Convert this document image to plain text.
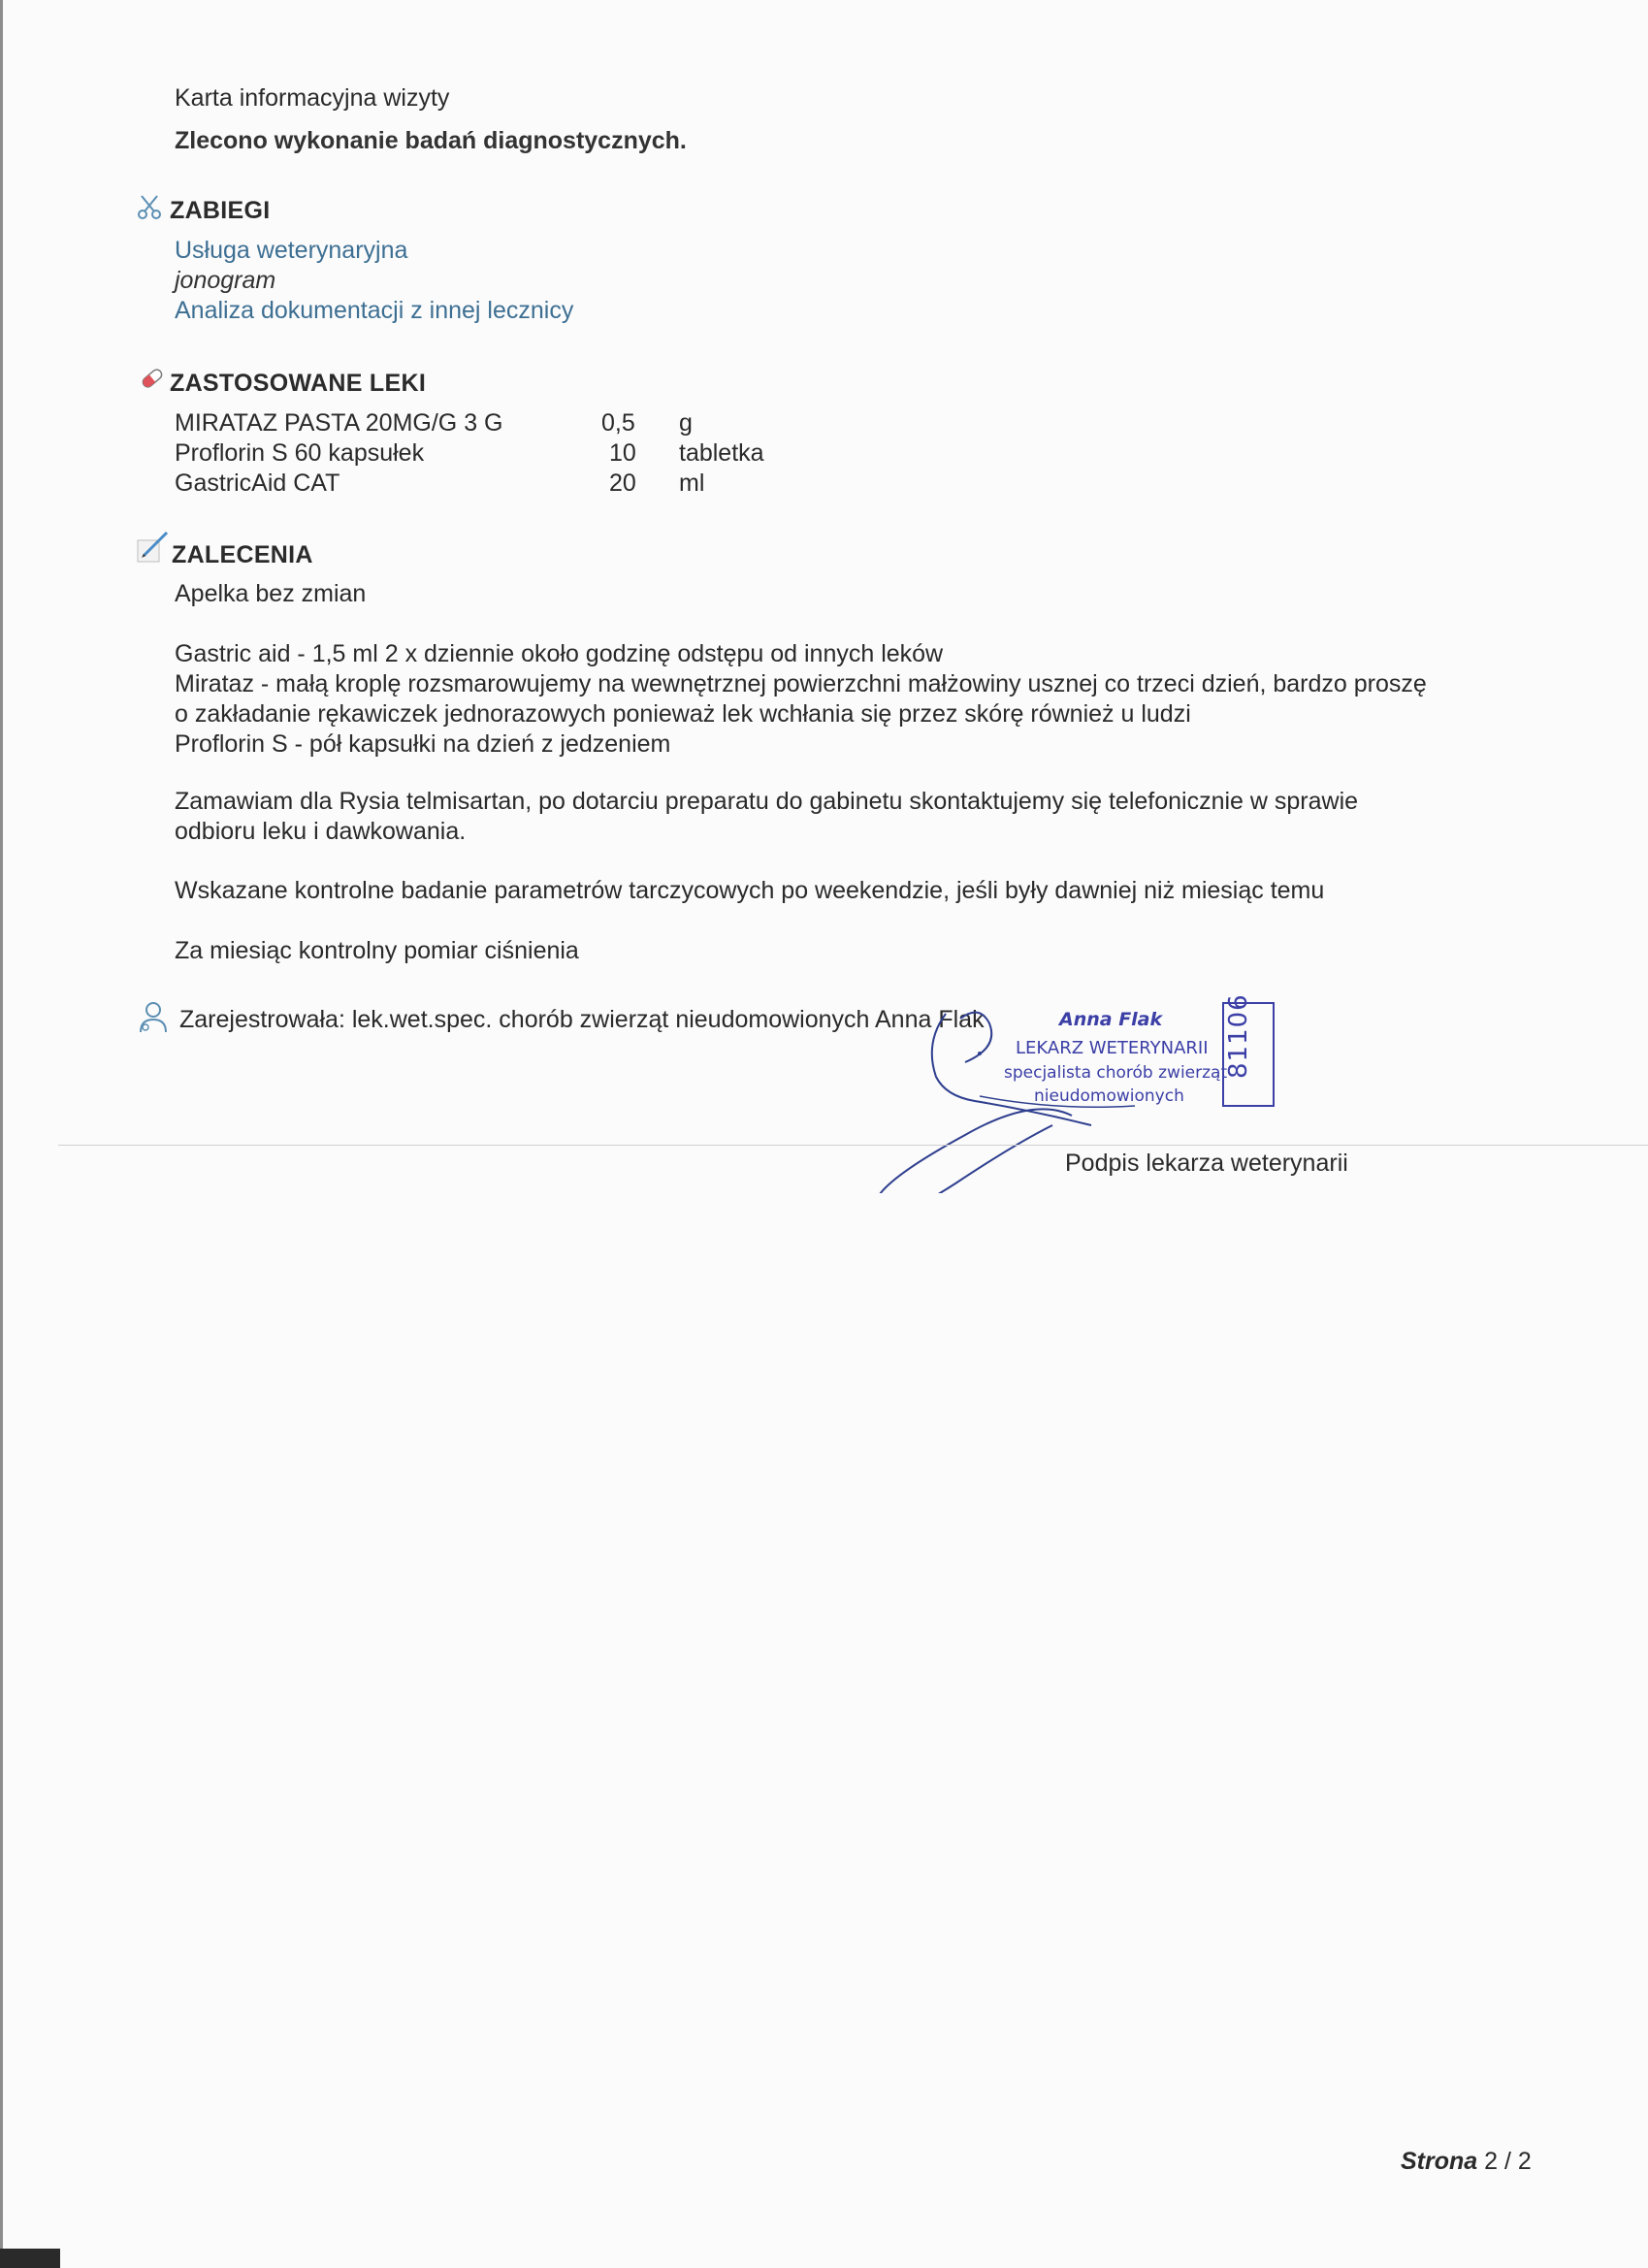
Karta informacyjna wizyty
Zlecono wykonanie badań diagnostycznych.
ZABIEGI
Usługa weterynaryjna
jonogram
Analiza dokumentacji z innej lecznicy
ZASTOSOWANE LEKI
MIRATAZ PASTA 20MG/G 3 G	0,5 g
Proflorin S 60 kapsułek	10 tabletka
GastricAid CAT	20 ml
ZALECENIA
Apelka bez zmian
Gastric aid - 1,5 ml 2 x dziennie około godzinę odstępu od innych leków
Mirataz - małą kroplę rozsmarowujemy na wewnętrznej powierzchni małżowiny usznej co trzeci dzień, bardzo proszę
o zakładanie rękawiczek jednorazowych ponieważ lek wchłania się przez skórę również u ludzi
Proflorin S - pół kapsułki na dzień z jedzeniem
Zamawiam dla Rysia telmisartan, po dotarciu preparatu do gabinetu skontaktujemy się telefonicznie w sprawie
odbioru leku i dawkowania.
Wskazane kontrolne badanie parametrów tarczycowych po weekendzie, jeśli były dawniej niż miesiąc temu
Za miesiąc kontrolny pomiar ciśnienia
Zarejestrowała: lek.wet.spec. chorób zwierząt nieudomowionych Anna Flak	Anna Flak
LEKARZ WETERYNARII
specjalista chorób zwierząt
nieudomowionych
81106
Podpis lekarza weterynarii
Strona 2 / 2
